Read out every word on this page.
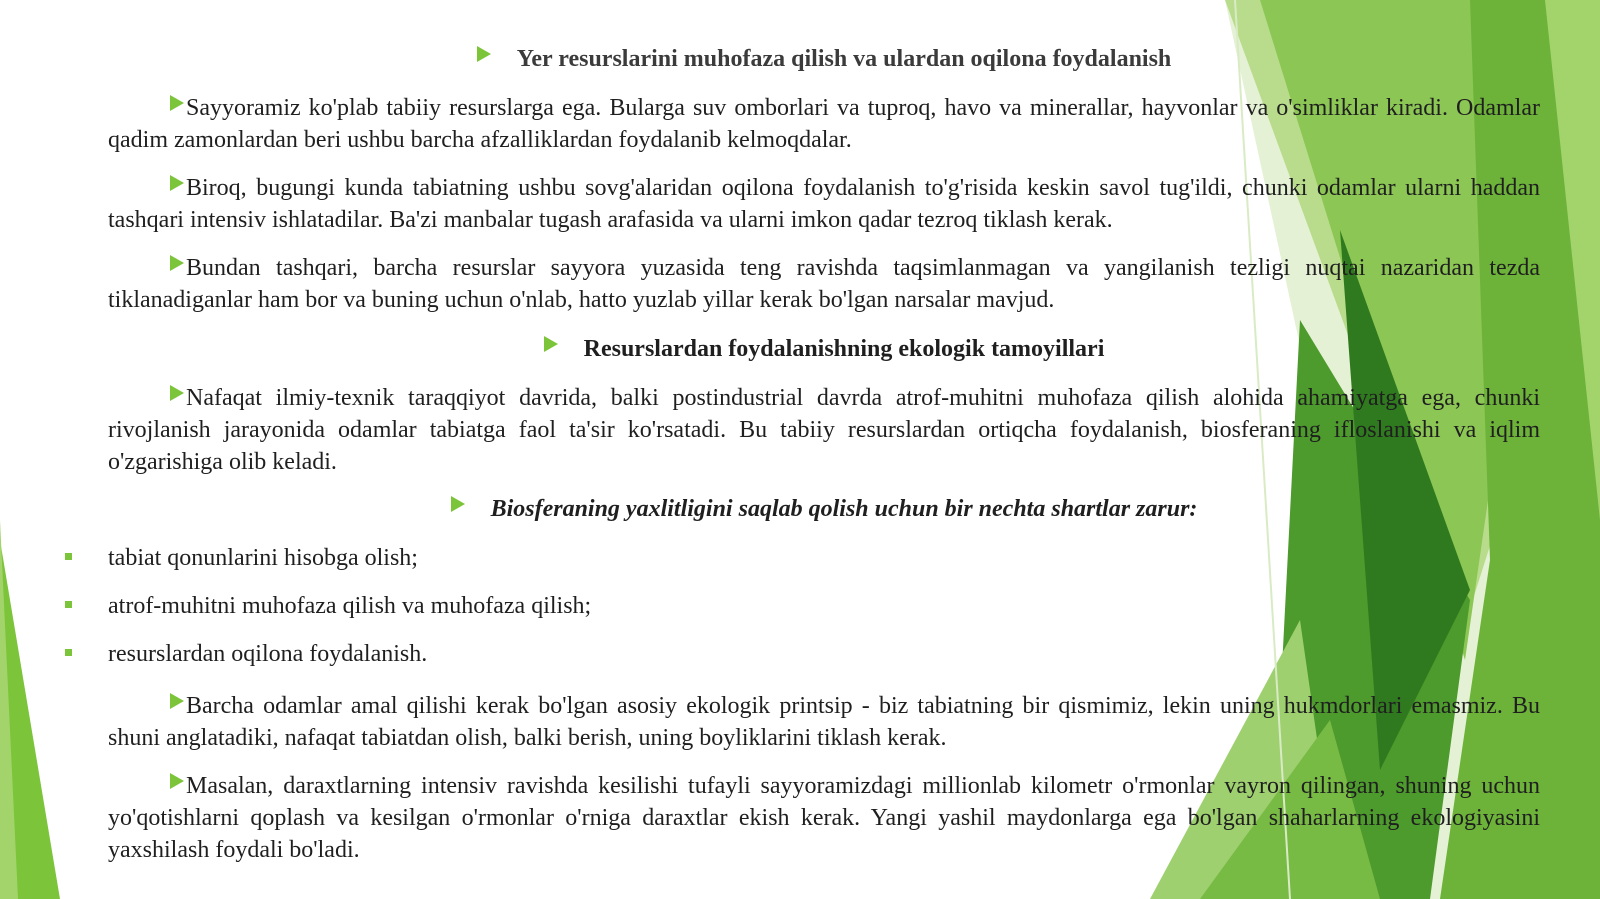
Yer resurslarini muhofaza qilish va ulardan oqilona foydalanish
Sayyoramiz ko'plab tabiiy resurslarga ega. Bularga suv omborlari va tuproq, havo va minerallar, hayvonlar va o'simliklar kiradi. Odamlar qadim zamonlardan beri ushbu barcha afzalliklardan foydalanib kelmoqdalar.
Biroq, bugungi kunda tabiatning ushbu sovg'alaridan oqilona foydalanish to'g'risida keskin savol tug'ildi, chunki odamlar ularni haddan tashqari intensiv ishlatadilar. Ba'zi manbalar tugash arafasida va ularni imkon qadar tezroq tiklash kerak.
Bundan tashqari, barcha resurslar sayyora yuzasida teng ravishda taqsimlanmagan va yangilanish tezligi nuqtai nazaridan tezda tiklanadiganlar ham bor va buning uchun o'nlab, hatto yuzlab yillar kerak bo'lgan narsalar mavjud.
Resurslardan foydalanishning ekologik tamoyillari
Nafaqat ilmiy-texnik taraqqiyot davrida, balki postindustrial davrda atrof-muhitni muhofaza qilish alohida ahamiyatga ega, chunki rivojlanish jarayonida odamlar tabiatga faol ta'sir ko'rsatadi. Bu tabiiy resurslardan ortiqcha foydalanish, biosferaning ifloslanishi va iqlim o'zgarishiga olib keladi.
Biosferaning yaxlitligini saqlab qolish uchun bir nechta shartlar zarur:
tabiat qonunlarini hisobga olish;
atrof-muhitni muhofaza qilish va muhofaza qilish;
resurslardan oqilona foydalanish.
Barcha odamlar amal qilishi kerak bo'lgan asosiy ekologik printsip - biz tabiatning bir qismimiz, lekin uning hukmdorlari emasmiz. Bu shuni anglatadiki, nafaqat tabiatdan olish, balki berish, uning boyliklarini tiklash kerak.
Masalan, daraxtlarning intensiv ravishda kesilishi tufayli sayyoramizdagi millionlab kilometr o'rmonlar vayron qilingan, shuning uchun yo'qotishlarni qoplash va kesilgan o'rmonlar o'rniga daraxtlar ekish kerak. Yangi yashil maydonlarga ega bo'lgan shaharlarning ekologiyasini yaxshilash foydali bo'ladi.
